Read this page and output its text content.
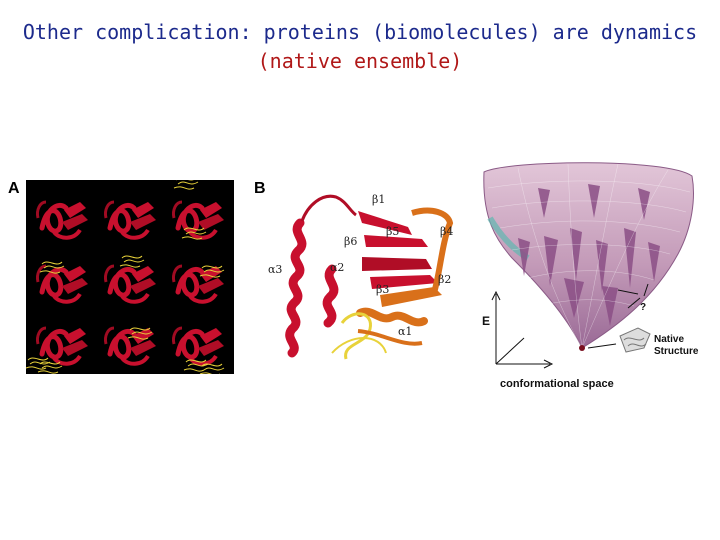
Other complication: proteins (biomolecules) are dynamics
(native ensemble)
A	B
β1
β5	β4
β6
α3	α2
β2
β3
α1
E
conformational space
?
Native
Structure
